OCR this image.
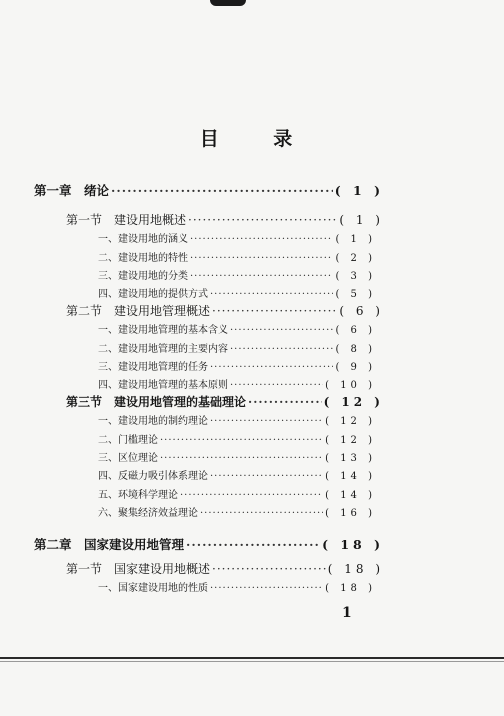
目 录
第一章　绪论 ·····	( 1 )
第一节　建设用地概述 ·····	( 1 )
一、建设用地的涵义 ·····	( 1 )
二、建设用地的特性 ·····	( 2 )
三、建设用地的分类 ·····	( 3 )
四、建设用地的提供方式 ·····	( 5 )
第二节　建设用地管理概述 ·····	( 6 )
一、建设用地管理的基本含义 ·····	( 6 )
二、建设用地管理的主要内容 ·····	( 8 )
三、建设用地管理的任务 ·····	( 9 )
四、建设用地管理的基本原则 ·····	( 10 )
第三节　建设用地管理的基础理论 ·····	( 12 )
一、建设用地的制约理论 ·····	( 12 )
二、门槛理论 ·····	( 12 )
三、区位理论 ·····	( 13 )
四、反磁力吸引体系理论 ·····	( 14 )
五、环境科学理论 ·····	( 14 )
六、聚集经济效益理论 ·····	( 16 )
第二章　国家建设用地管理 ·····	( 18 )
第一节　国家建设用地概述 ·····	( 18 )
一、国家建设用地的性质 ·····	( 18 )
1
